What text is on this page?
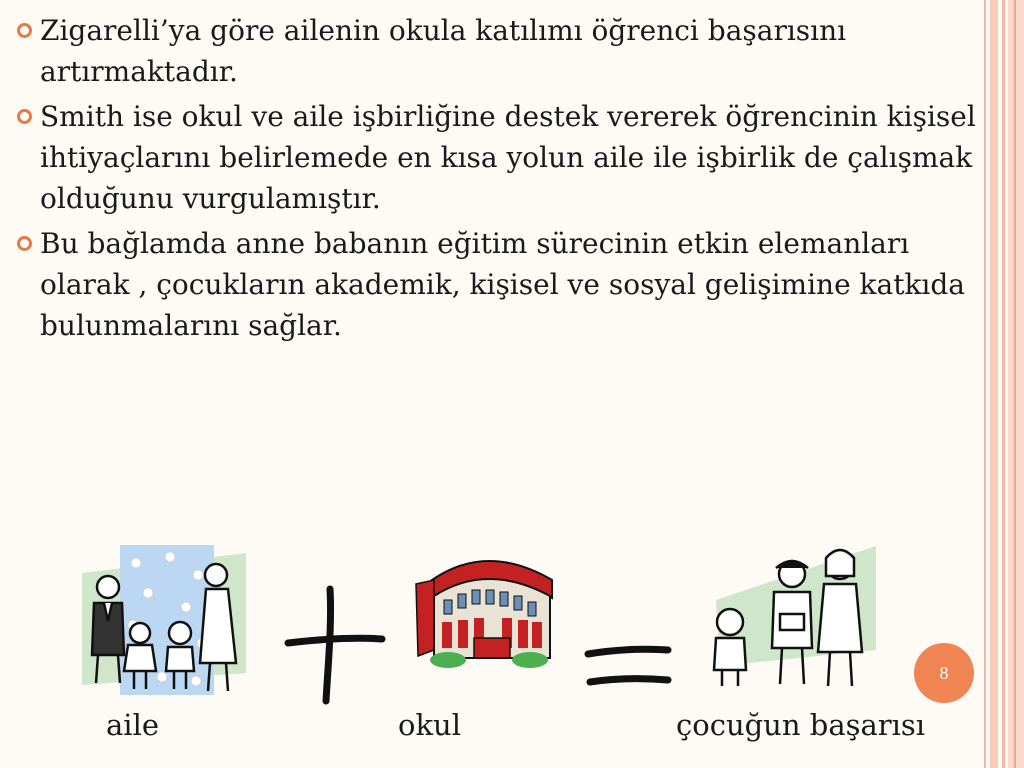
Zigarelli’ya göre ailenin okula katılımı öğrenci başarısını artırmaktadır.
Smith ise okul ve aile işbirliğine destek vererek öğrencinin kişisel ihtiyaçlarını belirlemede en kısa yolun aile ile işbirlik de çalışmak olduğunu vurgulamıştır.
Bu bağlamda anne babanın eğitim sürecinin etkin elemanları olarak , çocukların akademik, kişisel ve sosyal gelişimine katkıda bulunmalarını sağlar.
aile	okul	çocuğun başarısı
8
